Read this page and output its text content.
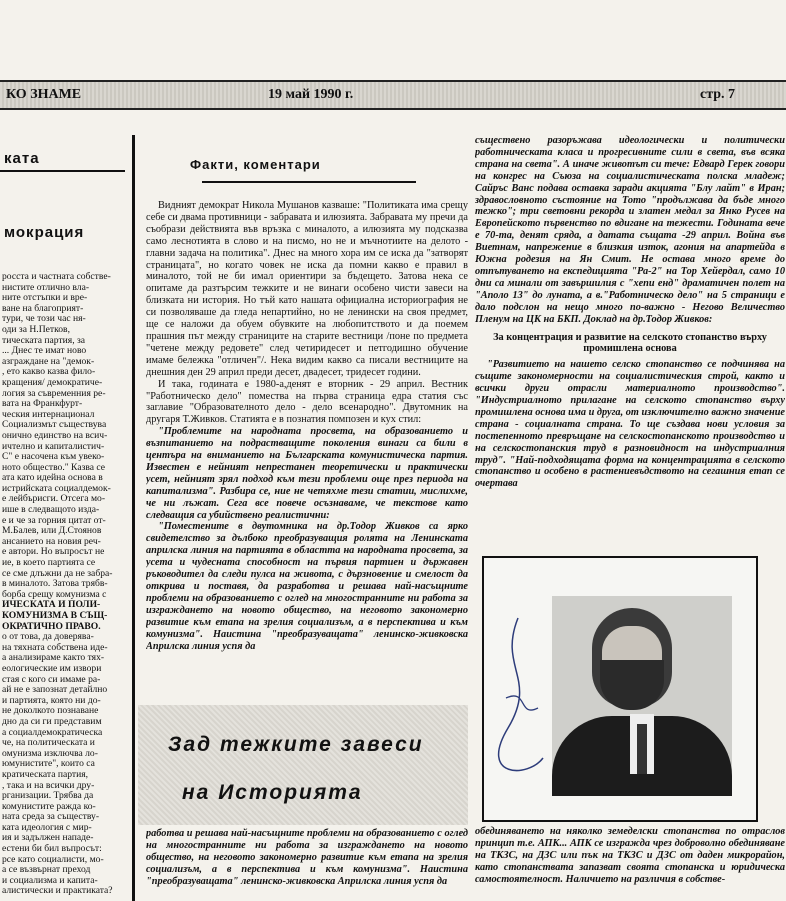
КО ЗНАМЕ	19 май 1990 г.	стр. 7
ката
мокрация
росста и частната собстве-
нистите отлично вла-
ните отстъпки и вре-
ване на благоприят-
тури, че този час ня-
оди за Н.Петков,
тическата партия, за
... Днес те имат ново
азграждане на "демок-
, ето какво казва фило-
кращения/ демократиче-
логия за съвременния ре-
вата на Франкфурт-
ческия интернационал
Социализмът съществува
онично единство на всич-
ичтелно и капиталистич-
С" е насочена към увеко-
ното общество." Казва се
ата като идейна основа в
истрийската социалдемок-
е лейбърисги. Отсега мо-
ише в следващото изда-
е и че за горния цитат от-
М.Балев, или Д.Стоянов
ансанието на новия реч-
е автори. Но въпросът не
ие, в което партията се
се сме длъжни да не забра-
в миналото. Затова трябв-
борба срещу комунизма с
ИЧЕСКАТА И ПОЛИ-
КОМУНИЗМА В СЪЩ-
ОКРАТИЧНО ПРАВО.
о от това, да доверява-
на тяхната собствена иде-
а анализираме както тях-
еологические им извори
стая с кого си имаме ра-
ай не е запознат детайлно
и партията, която ни до-
не доколкото познаване
дно да си ги представим
а социалдемократическа
че, на политическата и
омунизма изключва ло-
юмунистите", които са
кратическата партия,
, така и на всички дру-
рганизации. Трябва да
комунистите ражда ко-
ната среда за съществу-
ката идеология с мир-
ия и задължен нападе-
естени би бил въпросът:
рсе като социалисти, мо-
а се възвърнат преход
и социализма и капита-
алистически и практиката?
Факти, коментари

Видният демократ Никола Мушанов казваше: "Политиката има срещу себе си двама противници - забравата и илюзията. Забравата му пречи да съобрази действията във връзка с миналото, а илюзията му подсказва само леснотията в слово и на писмо, но не и мъчнотиите на делото - главни задача на политика". Днес на много хора им се иска да "затворят страницата", но когато човек не иска да помни какво е правил в миналото, той не би имал ориентири за бъдещето. Затова нека се опитаме да разтърсим тежките и не винаги особено чисти завеси на близката ни история. Но тъй като нашата официална историография не си позволяваше да гледа непартийно, но не ленински на своя предмет, ще се наложи да обуем обувките на любопитството и да поемем прашния път между страниците на старите вестници /поне по предмета "четене между редовете" след четиридесет и петгодишно обучение имаме бележка "отличен"/. Нека видим какво са писали вестниците на днешния ден 29 април преди десет, двадесет, тридесет години.

И така, годината е 1980-а,денят е вторник - 29 април. Вестник "Работническо дело" помества на първа страница едра статия със заглавие "Образователното дело - дело всенародно". Двутомник на другаря Т.Живков. Статията е в познатия помпозен и кух стил:

"Проблемите на народната просвета, на образованието и възпитанието на подрастващите поколения винаги са били в центъра на вниманието на Българската комунистическа партия. Известен е нейният непрестанен теоретически и практически усет, нейният зрял подход към тези проблеми още през периода на капитализма". Разбира се, ние не четяхме тези статии, мислихме, че ни лъжат. Сега все повече осъзнаваме, че текстове като следващия са убийствено реалистични:

"Поместените в двутомника на др.Тодор Живков са ярко свидетелство за дълбоко преобразуващия ролята на Ленинската априлска линия на партията в областта на народната просвета, за усета и чудесната способност на първия партиен и държавен ръководител да следи пулса на живота, с дързновение и смелост да открива и поставя, да разработва и решава най-насъщните проблеми на образованието с оглед на многостранните ни работа за изграждането на новото общество, на неговото закономерно развитие към етапа на зрелия социализъм, а в перспектива и към комунизма". Наистина "преобразуващата" ленинско-живковска Априлска линия успя да

Зад тежките завеси
на Историята
работва и решава най-насъщните проблеми на образованието с оглед на многостранните ни работа за изграждането на новото общество, на неговото закономерно развитие към етапа на зрелия социализъм, а в перспектива и към комунизма". Наистина "преобразуващата" ленинско-живковска Априлска линия успя да

съществено разоръжава идеологически и политически работническата класа и прогресивните сили в света, във всяка страна на света". А иначе животът си тече: Едвард Герек говори на конгрес на Съюза на социалистическата полска младеж; Сайръс Ванс подава оставка заради акцията "Блу лайт" в Иран; здравословното състояние на Тото "продължава да бъде много тежко"; три световни рекорда и златен медал за Янко Русев на Европейското първенство по вдигане на тежести. Годината вече е 70-та, денят сряда, а датата същата -29 април. Война във Виетнам, напрежение в близкия изток, агония на апартейда в Южна родезия на Ян Смит. Не остава много време до отпътуването на експедицията "Ра-2" на Тор Хейердал, само 10 дни са минали от завършилия с "хепи енд" драматичен полет на "Аполо 13" до луната, а в."Работническо дело" на 5 страници е дало подслон на нещо много по-важно - Негово Величество Пленум на ЦК на БКП. Доклад на др.Тодор Живков:

За концентрация и развитие на селското стопанство върху промишлена основа

"Развитието на нашето селско стопанство се подчинява на същите закономерности на социалистическия строй, както и всички други отрасли материалното производство". "Индустриалното прилагане на селското стопанство върху промишлена основа има и друга, от изключително важно значение страна - социалната страна. То ще създава нови условия за постепенното превръщане на селскостопанското производство и на селскостопанския труд в разновидност на индустриалния труд". "Най-подходящата форма на концентрацията в селското стопанство и особено в растениевъдството на сегашния етап се очертава

обединяването на няколко земеделски стопанства по отраслов принцип т.е. АПК... АПК се изгражда чрез доброволно обединяване на ТКЗС, на ДЗС или пък на ТКЗС и ДЗС от даден микрорайон, като стопанствата запазват своята стопанска и юридическа самостоятелност. Наличието на различия в собстве-
